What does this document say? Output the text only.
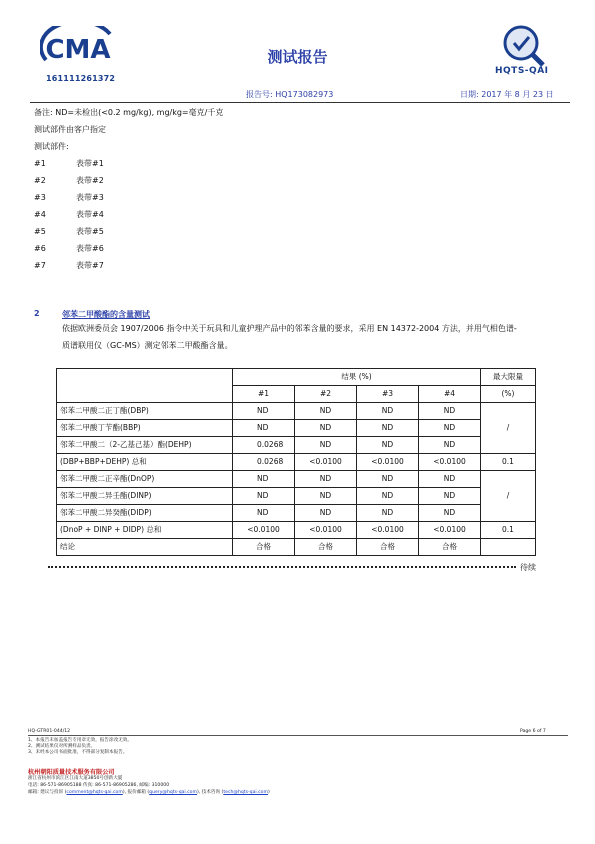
CMA
161111261372
测试报告
HQTS-QAI
报告号: HQ173082973	日期: 2017 年 8 月 23 日
备注: ND=未检出(<0.2 mg/kg), mg/kg=毫克/千克
测试部件由客户指定
测试部件:
#1	表带#1
#2	表带#2
#3	表带#3
#4	表带#4
#5	表带#5
#6	表带#6
#7	表带#7
2	邻苯二甲酸酯的含量测试
依据欧洲委员会 1907/2006 指令中关于玩具和儿童护理产品中的邻苯含量的要求，采用 EN 14372-2004 方法，并用气相色谱-
质谱联用仪（GC-MS）测定邻苯二甲酸酯含量。
	结果 (%)				最大限量
	#1	#2	#3	#4	(%)
邻苯二甲酸二正丁酯(DBP)	ND	ND	ND	ND	/
邻苯二甲酸丁苄酯(BBP)	ND	ND	ND	ND	
邻苯二甲酸二（2-乙基己基）酯(DEHP)	0.0268	ND	ND	ND	
(DBP+BBP+DEHP) 总和	0.0268	<0.0100	<0.0100	<0.0100	0.1
邻苯二甲酸二正辛酯(DnOP)	ND	ND	ND	ND	/
邻苯二甲酸二异壬酯(DINP)	ND	ND	ND	ND	
邻苯二甲酸二异癸酯(DIDP)	ND	ND	ND	ND	
(DnoP + DINP + DIDP) 总和	<0.0100	<0.0100	<0.0100	<0.0100	0.1
结论	合格	合格	合格	合格	
待续
HQ-GTR01-044/12	Page 6 of 7
1、本报告未加盖报告专用章无效，报告涂改无效。
2、测试结果仅对所测样品负责。
3、未经本公司书面批准，不得部分复制本报告。
杭州朝阳质量技术服务有限公司
浙江省杭州市滨江区江南大道3850号创新大厦
电话: 86-571-86905188 传真: 86-571-86905286, 邮编: 310000
邮箱: 建议与投诉 (comment@hqts-qai.com), 报价邮箱 (query@hqts-qai.com), 技术咨询 (tech@hqts-qai.com)
